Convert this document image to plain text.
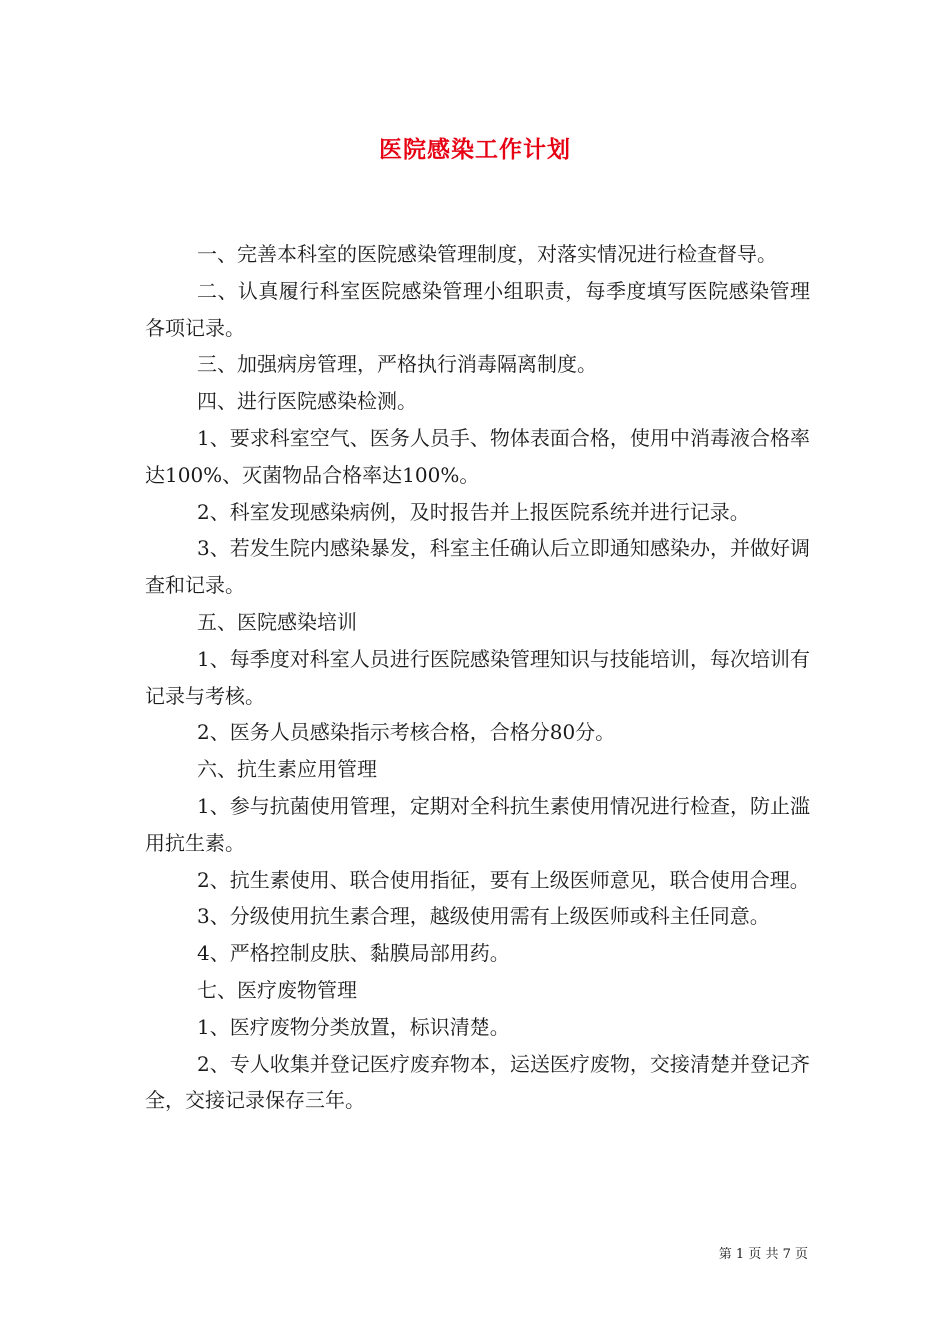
医院感染工作计划

一、完善本科室的医院感染管理制度，对落实情况进行检查督导。

二、认真履行科室医院感染管理小组职责，每季度填写医院感染管理各项记录。

三、加强病房管理，严格执行消毒隔离制度。

四、进行医院感染检测。

1、要求科室空气、医务人员手、物体表面合格，使用中消毒液合格率达100%、灭菌物品合格率达100%。

2、科室发现感染病例，及时报告并上报医院系统并进行记录。

3、若发生院内感染暴发，科室主任确认后立即通知感染办，并做好调查和记录。

五、医院感染培训

1、每季度对科室人员进行医院感染管理知识与技能培训，每次培训有记录与考核。

2、医务人员感染指示考核合格，合格分80分。

六、抗生素应用管理

1、参与抗菌使用管理，定期对全科抗生素使用情况进行检查，防止滥用抗生素。

2、抗生素使用、联合使用指征，要有上级医师意见，联合使用合理。

3、分级使用抗生素合理，越级使用需有上级医师或科主任同意。

4、严格控制皮肤、黏膜局部用药。

七、医疗废物管理

1、医疗废物分类放置，标识清楚。

2、专人收集并登记医疗废弃物本，运送医疗废物，交接清楚并登记齐全，交接记录保存三年。

第 1 页 共 7 页
